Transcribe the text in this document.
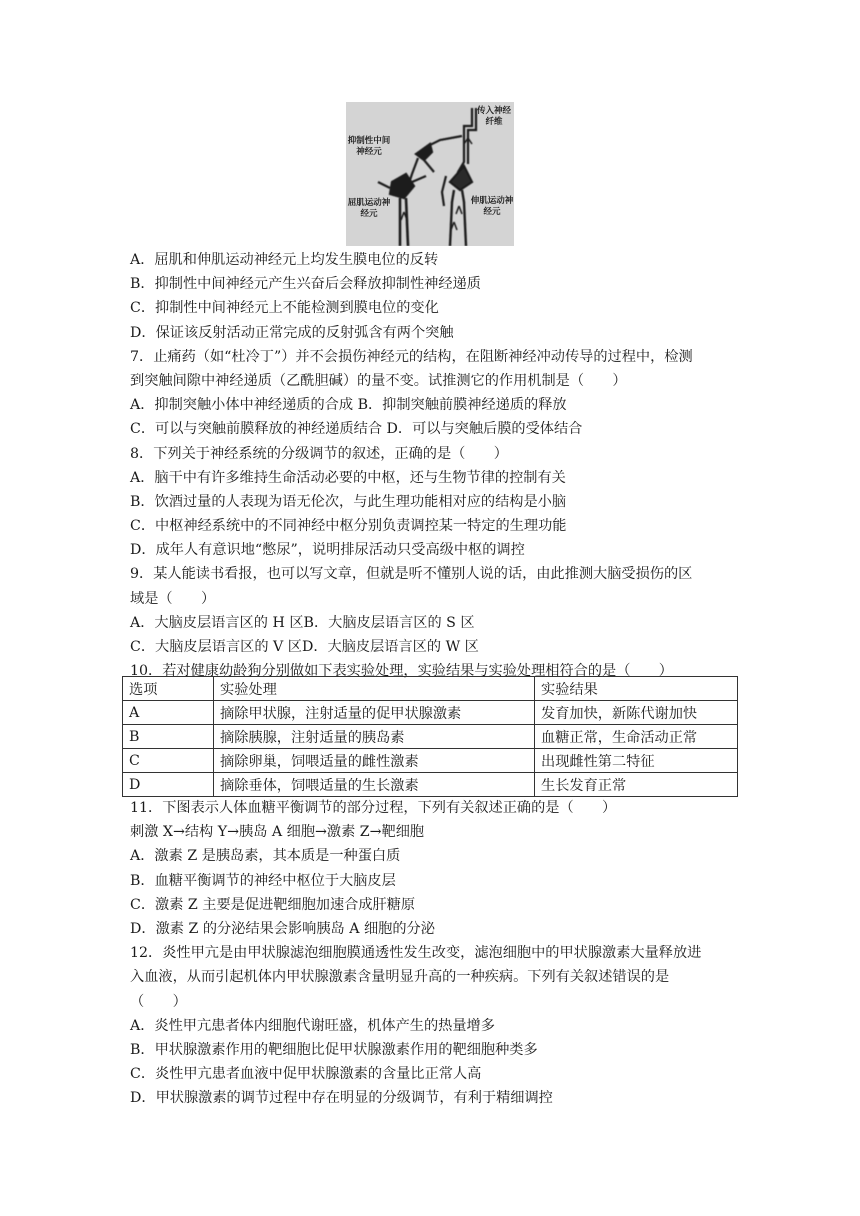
传入神经纤维
抑制性中间神经元
屈肌运动神经元
伸肌运动神经元
A．屈肌和伸肌运动神经元上均发生膜电位的反转
B．抑制性中间神经元产生兴奋后会释放抑制性神经递质
C．抑制性中间神经元上不能检测到膜电位的变化
D．保证该反射活动正常完成的反射弧含有两个突触
7．止痛药（如“杜冷丁”）并不会损伤神经元的结构，在阻断神经冲动传导的过程中，检测
到突触间隙中神经递质（乙酰胆碱）的量不变。试推测它的作用机制是（　　）
A．抑制突触小体中神经递质的合成 B．抑制突触前膜神经递质的释放
C．可以与突触前膜释放的神经递质结合 D．可以与突触后膜的受体结合
8．下列关于神经系统的分级调节的叙述，正确的是（　　）
A．脑干中有许多维持生命活动必要的中枢，还与生物节律的控制有关
B．饮酒过量的人表现为语无伦次，与此生理功能相对应的结构是小脑
C．中枢神经系统中的不同神经中枢分别负责调控某一特定的生理功能
D．成年人有意识地“憋尿”，说明排尿活动只受高级中枢的调控
9．某人能读书看报，也可以写文章，但就是听不懂别人说的话，由此推测大脑受损伤的区
域是（　　）
A．大脑皮层语言区的 H 区B．大脑皮层语言区的 S 区
C．大脑皮层语言区的 V 区D．大脑皮层语言区的 W 区
10．若对健康幼龄狗分别做如下表实验处理，实验结果与实验处理相符合的是（　　）
选项	实验处理	实验结果
A	摘除甲状腺，注射适量的促甲状腺激素	发育加快，新陈代谢加快
B	摘除胰腺，注射适量的胰岛素	血糖正常，生命活动正常
C	摘除卵巢，饲喂适量的雌性激素	出现雌性第二特征
D	摘除垂体，饲喂适量的生长激素	生长发育正常
11．下图表示人体血糖平衡调节的部分过程，下列有关叙述正确的是（　　）
刺激 X→结构 Y→胰岛 A 细胞→激素 Z→靶细胞
A．激素 Z 是胰岛素，其本质是一种蛋白质
B．血糖平衡调节的神经中枢位于大脑皮层
C．激素 Z 主要是促进靶细胞加速合成肝糖原
D．激素 Z 的分泌结果会影响胰岛 A 细胞的分泌
12．炎性甲亢是由甲状腺滤泡细胞膜通透性发生改变，滤泡细胞中的甲状腺激素大量释放进
入血液，从而引起机体内甲状腺激素含量明显升高的一种疾病。下列有关叙述错误的是
（　　）
A．炎性甲亢患者体内细胞代谢旺盛，机体产生的热量增多
B．甲状腺激素作用的靶细胞比促甲状腺激素作用的靶细胞种类多
C．炎性甲亢患者血液中促甲状腺激素的含量比正常人高
D．甲状腺激素的调节过程中存在明显的分级调节，有利于精细调控
